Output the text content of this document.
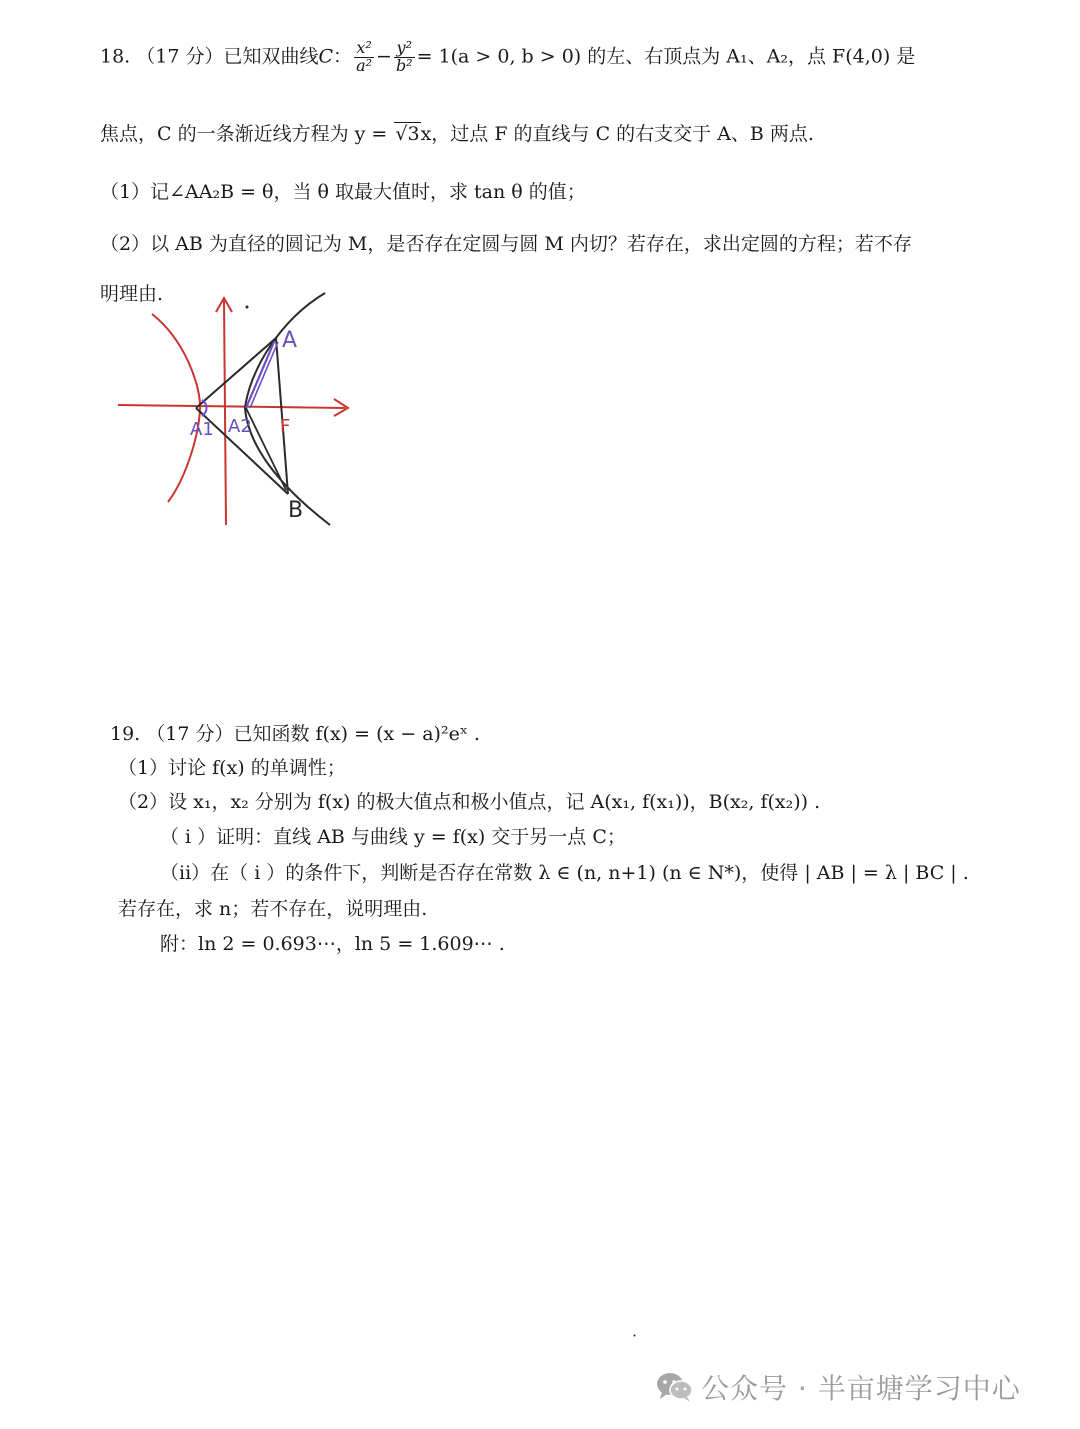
18. （17 分）已知双曲线C： $\frac{\text{x²}}{\text{a²}} - \frac{\text{y²}}{\text{b²}} = 1(a > 0$, b > 0) 的左、右顶点为 A₁、A₂，点 F(4,0) 是
焦点，C 的一条渐近线方程为 y = √3x，过点 F 的直线与 C 的右支交于 A、B 两点.
（1）记∠AA₂B = θ，当 θ 取最大值时，求 tan θ 的值；
（2）以 AB 为直径的圆记为 M，是否存在定圆与圆 M 内切？若存在，求出定圆的方程；若不存
明理由.
A
A1 A2 F
B
19. （17 分）已知函数 f(x) = (x − a)²eˣ .
（1）讨论 f(x) 的单调性；
（2）设 x₁，x₂ 分别为 f(x) 的极大值点和极小值点，记 A(x₁, f(x₁))，B(x₂, f(x₂)) .
（ i ）证明：直线 AB 与曲线 y = f(x) 交于另一点 C；
（ii）在（ i ）的条件下，判断是否存在常数 λ ∈ (n, n+1) (n ∈ N*)，使得 | AB | = λ | BC | .
若存在，求 n；若不存在，说明理由.
附：ln 2 = 0.693⋯，ln 5 = 1.609⋯ .
·
公众号 · 半亩塘学习中心
